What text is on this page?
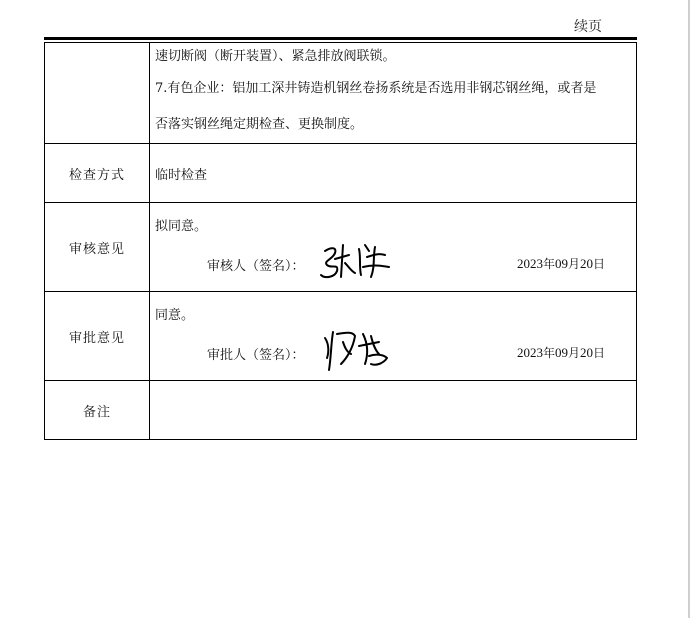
续页

	速切断阀（断开装置）、紧急排放阀联锁。
7.有色企业：铝加工深井铸造机钢丝卷扬系统是否选用非钢芯钢丝绳，或者是
否落实钢丝绳定期检查、更换制度。

检查方式	临时检查
审核意见	拟同意。
审核人（签名）： 2023年09月20日

审批意见	同意。
审批人（签名）： 2023年09月20日

备注	
